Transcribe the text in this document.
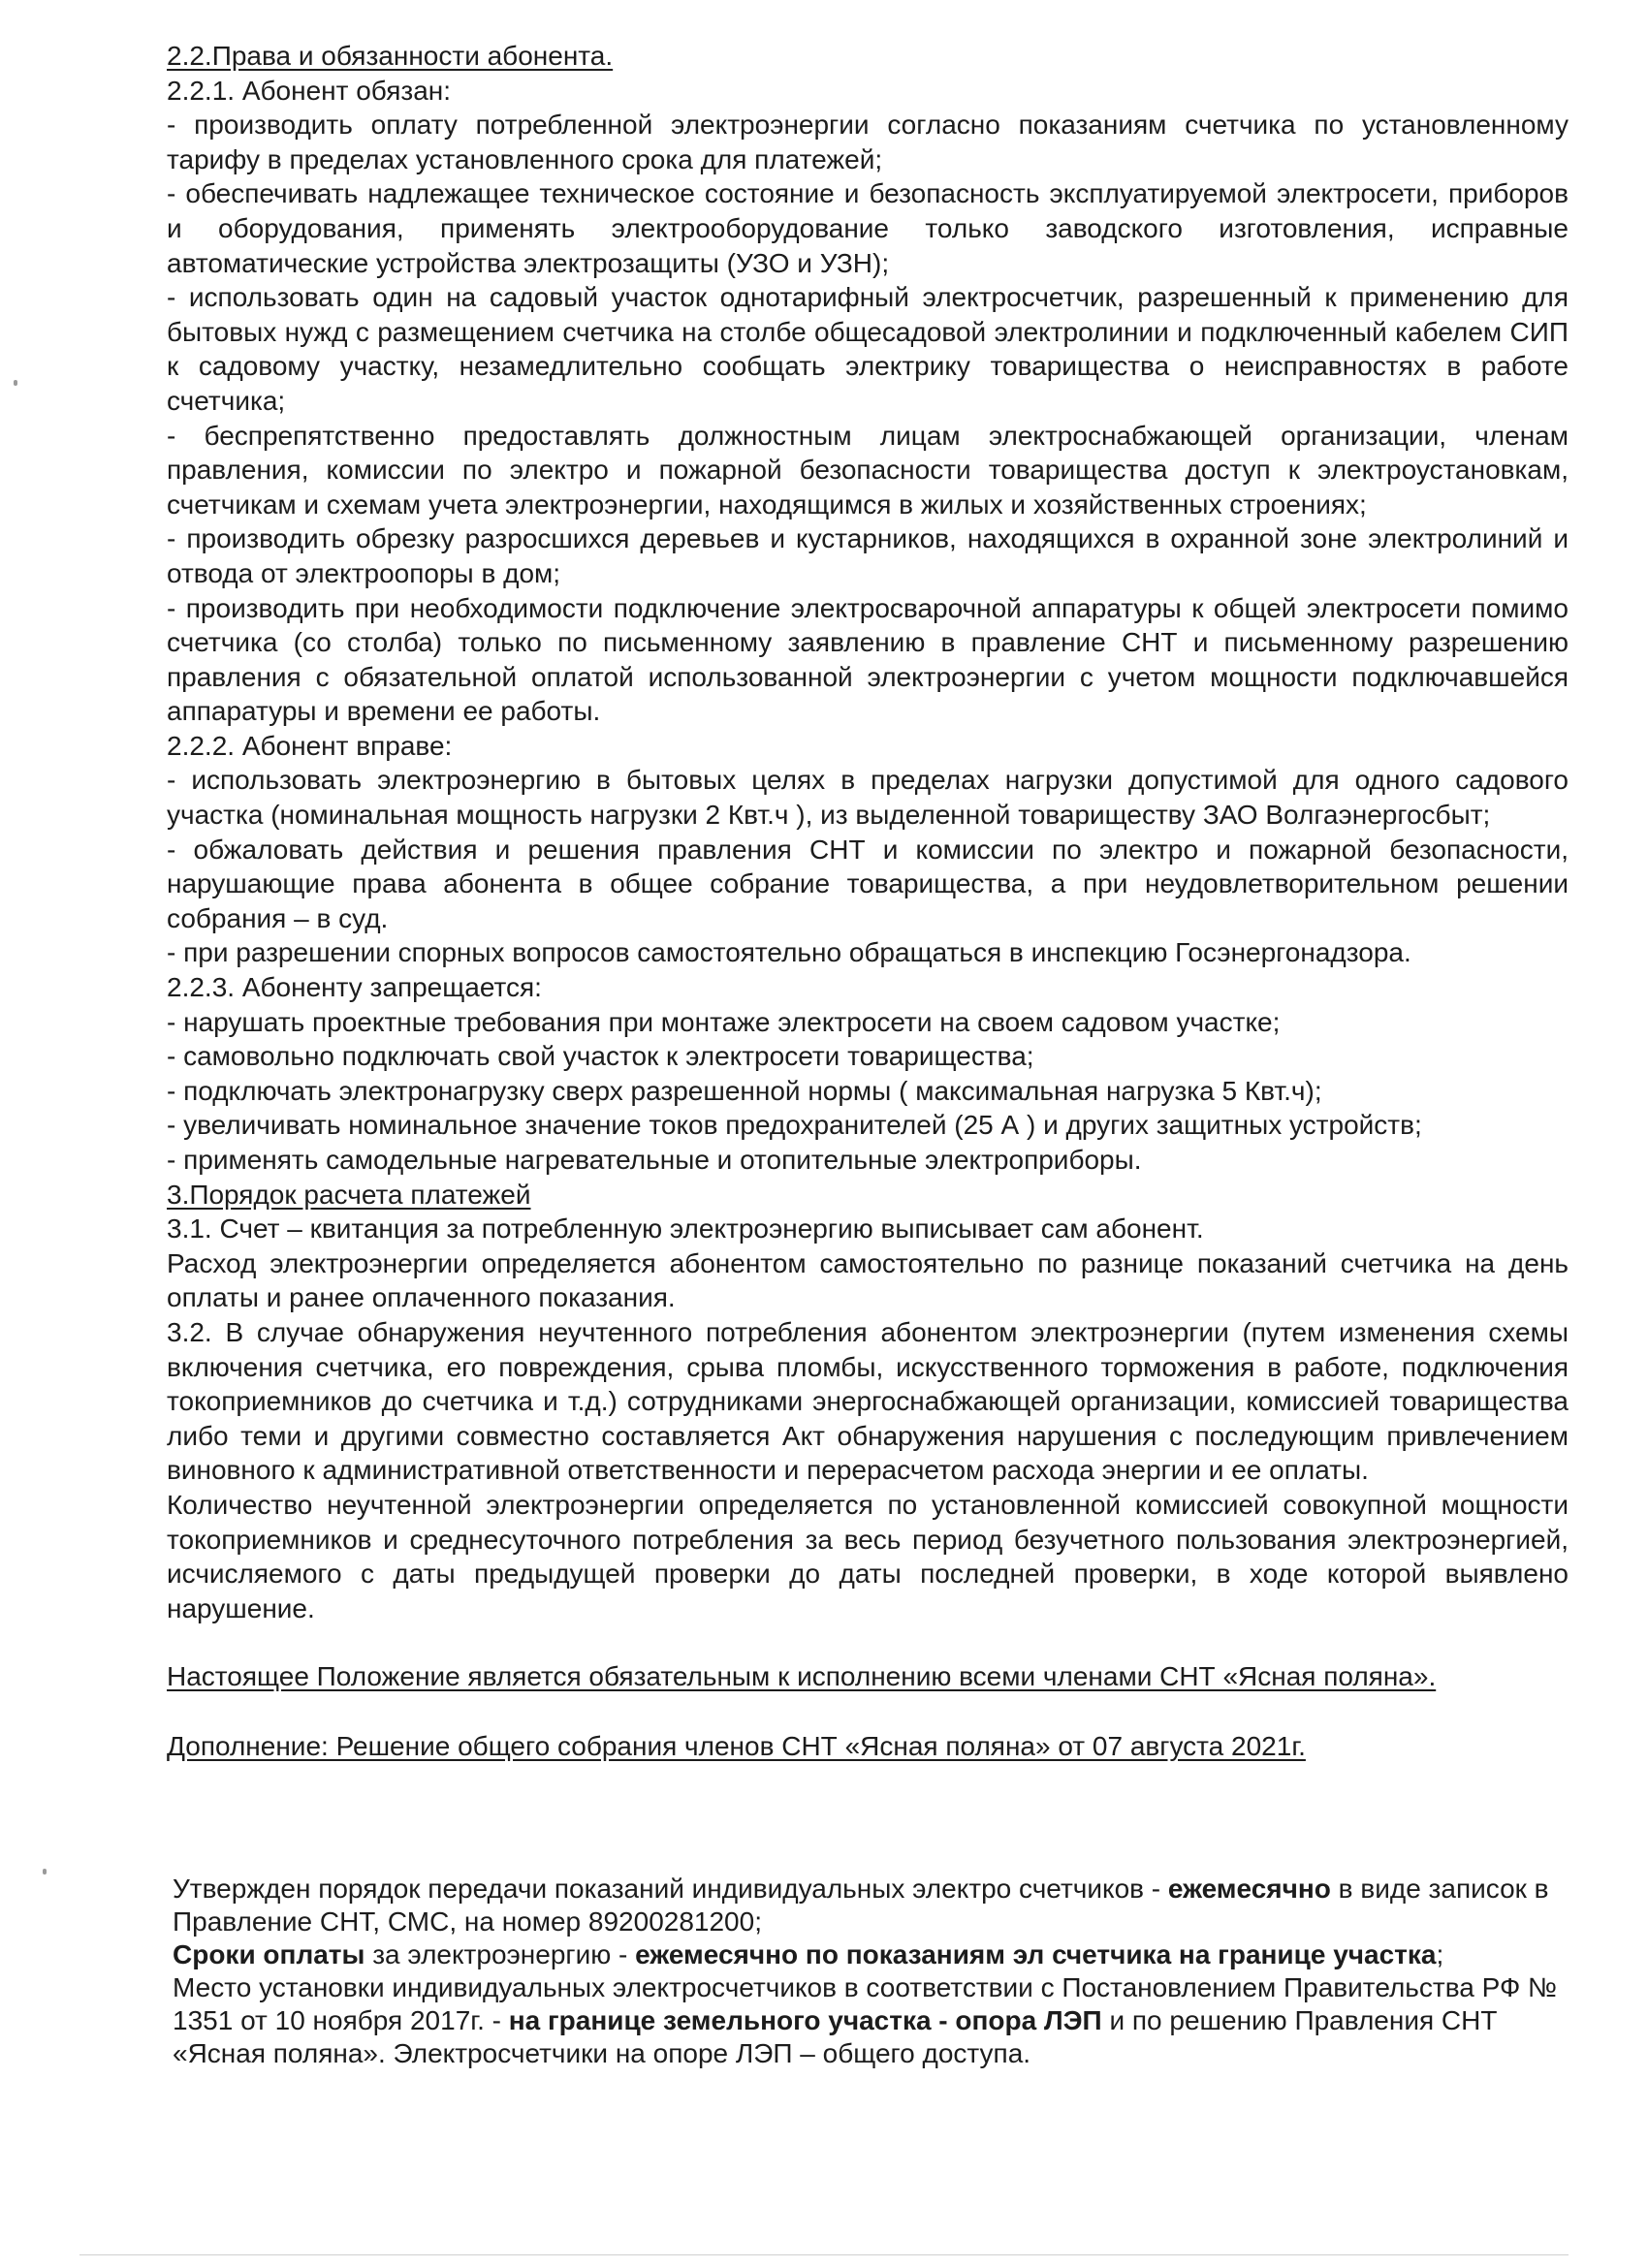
2.2.Права и обязанности абонента.

2.2.1. Абонент обязан:

- производить оплату потребленной электроэнергии согласно показаниям счетчика по установленному тарифу в пределах установленного срока для платежей;

- обеспечивать надлежащее техническое состояние и безопасность эксплуатируемой электросети, приборов и оборудования, применять электрооборудование только заводского изготовления, исправные автоматические устройства электрозащиты (УЗО и УЗН);

- использовать один на садовый участок однотарифный электросчетчик, разрешенный к применению для бытовых нужд с размещением счетчика на столбе общесадовой электролинии и подключенный кабелем СИП к садовому участку, незамедлительно сообщать электрику товарищества о неисправностях в работе счетчика;

- беспрепятственно предоставлять должностным лицам электроснабжающей организации, членам правления, комиссии по электро и пожарной безопасности товарищества доступ к электроустановкам, счетчикам и схемам учета электроэнергии, находящимся в жилых и хозяйственных строениях;

- производить обрезку разросшихся деревьев и кустарников, находящихся в охранной зоне электролиний и отвода от электроопоры в дом;

- производить при необходимости подключение электросварочной аппаратуры к общей электросети помимо счетчика (со столба) только по письменному заявлению в правление СНТ и письменному разрешению правления с обязательной оплатой использованной электроэнергии с учетом мощности подключавшейся аппаратуры и времени ее работы.

2.2.2. Абонент вправе:

- использовать электроэнергию в бытовых целях в пределах нагрузки допустимой для одного садового участка (номинальная мощность нагрузки 2 Квт.ч ), из выделенной товариществу ЗАО Волгаэнергосбыт;

- обжаловать действия и решения правления СНТ и комиссии по электро и пожарной безопасности, нарушающие права абонента в общее собрание товарищества, а при неудовлетворительном решении собрания – в суд.

- при разрешении спорных вопросов самостоятельно обращаться в инспекцию Госэнергонадзора.

2.2.3. Абоненту запрещается:

- нарушать проектные требования при монтаже электросети на своем садовом участке;

- самовольно подключать свой участок к электросети товарищества;

- подключать электронагрузку сверх разрешенной нормы ( максимальная нагрузка 5 Квт.ч);

- увеличивать номинальное значение токов предохранителей (25 А ) и других защитных устройств;

- применять самодельные нагревательные и отопительные электроприборы.

3.Порядок расчета платежей

3.1. Счет – квитанция за потребленную электроэнергию выписывает сам абонент.

Расход электроэнергии определяется абонентом самостоятельно по разнице показаний счетчика на день оплаты и ранее оплаченного показания.

3.2. В случае обнаружения неучтенного потребления абонентом электроэнергии (путем изменения схемы включения счетчика, его повреждения, срыва пломбы, искусственного торможения в работе, подключения токоприемников до счетчика и т.д.) сотрудниками энергоснабжающей организации, комиссией товарищества либо теми и другими совместно составляется Акт обнаружения нарушения с последующим привлечением виновного к административной ответственности и перерасчетом расхода энергии и ее оплаты.

Количество неучтенной электроэнергии определяется по установленной комиссией совокупной мощности токоприемников и среднесуточного потребления за весь период безучетного пользования электроэнергией, исчисляемого с даты предыдущей проверки до даты последней проверки, в ходе которой выявлено нарушение.

Настоящее Положение является обязательным к исполнению всеми членами СНТ «Ясная поляна».

Дополнение: Решение общего собрания членов СНТ «Ясная поляна» от 07 августа 2021г.

Утвержден порядок передачи показаний индивидуальных электро счетчиков - ежемесячно в виде записок в Правление СНТ, СМС, на номер 89200281200;

Сроки оплаты за электроэнергию - ежемесячно по показаниям эл счетчика на границе участка;

Место установки индивидуальных электросчетчиков в соответствии с Постановлением Правительства РФ № 1351 от 10 ноября 2017г. - на границе земельного участка - опора ЛЭП и по решению Правления СНТ «Ясная поляна». Электросчетчики на опоре ЛЭП – общего доступа.
